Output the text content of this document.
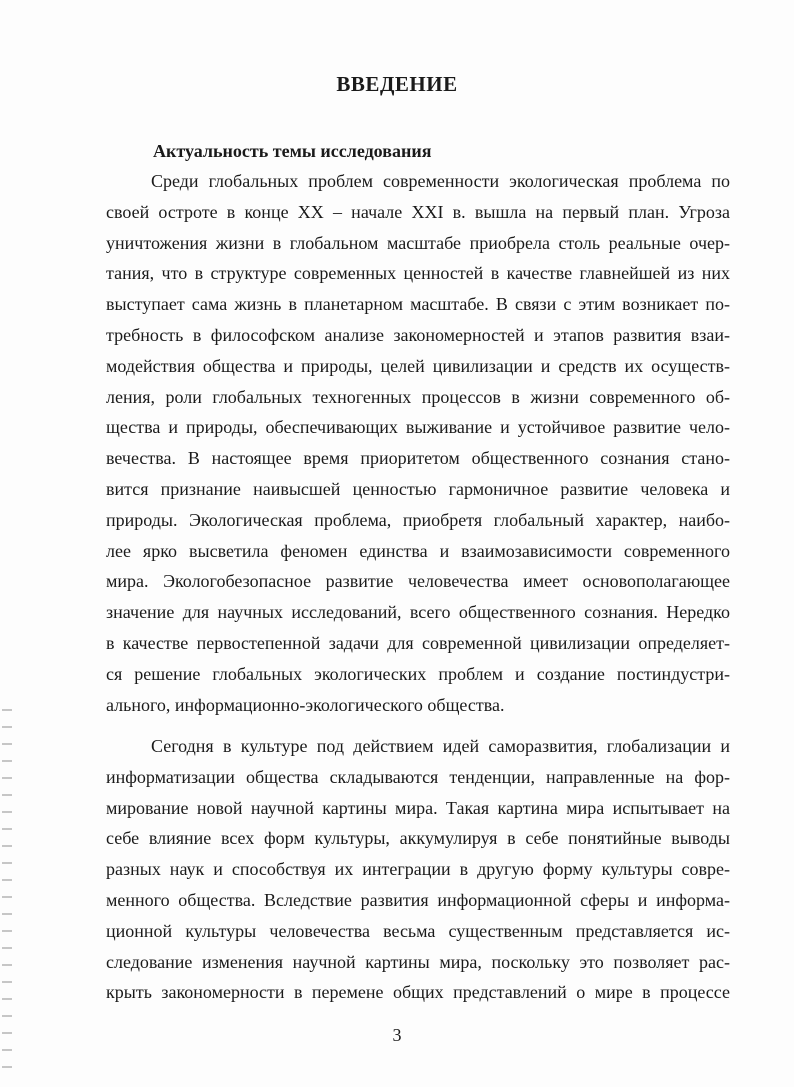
ВВЕДЕНИЕ
Актуальность темы исследования
Среди глобальных проблем современности экологическая проблема по
своей остроте в конце XX – начале XXI в. вышла на первый план. Угроза
уничтожения жизни в глобальном масштабе приобрела столь реальные очер-
тания, что в структуре современных ценностей в качестве главнейшей из них
выступает сама жизнь в планетарном масштабе. В связи с этим возникает по-
требность в философском анализе закономерностей и этапов развития взаи-
модействия общества и природы, целей цивилизации и средств их осуществ-
ления, роли глобальных техногенных процессов в жизни современного об-
щества и природы, обеспечивающих выживание и устойчивое развитие чело-
вечества. В настоящее время приоритетом общественного сознания стано-
вится признание наивысшей ценностью гармоничное развитие человека и
природы. Экологическая проблема, приобретя глобальный характер, наибо-
лее ярко высветила феномен единства и взаимозависимости современного
мира. Экологобезопасное развитие человечества имеет основополагающее
значение для научных исследований, всего общественного сознания. Нередко
в качестве первостепенной задачи для современной цивилизации определяет-
ся решение глобальных экологических проблем и создание постиндустри-
ального, информационно-экологического общества.
Сегодня в культуре под действием идей саморазвития, глобализации и
информатизации общества складываются тенденции, направленные на фор-
мирование новой научной картины мира. Такая картина мира испытывает на
себе влияние всех форм культуры, аккумулируя в себе понятийные выводы
разных наук и способствуя их интеграции в другую форму культуры совре-
менного общества. Вследствие развития информационной сферы и информа-
ционной культуры человечества весьма существенным представляется ис-
следование изменения научной картины мира, поскольку это позволяет рас-
крыть закономерности в перемене общих представлений о мире в процессе
3
